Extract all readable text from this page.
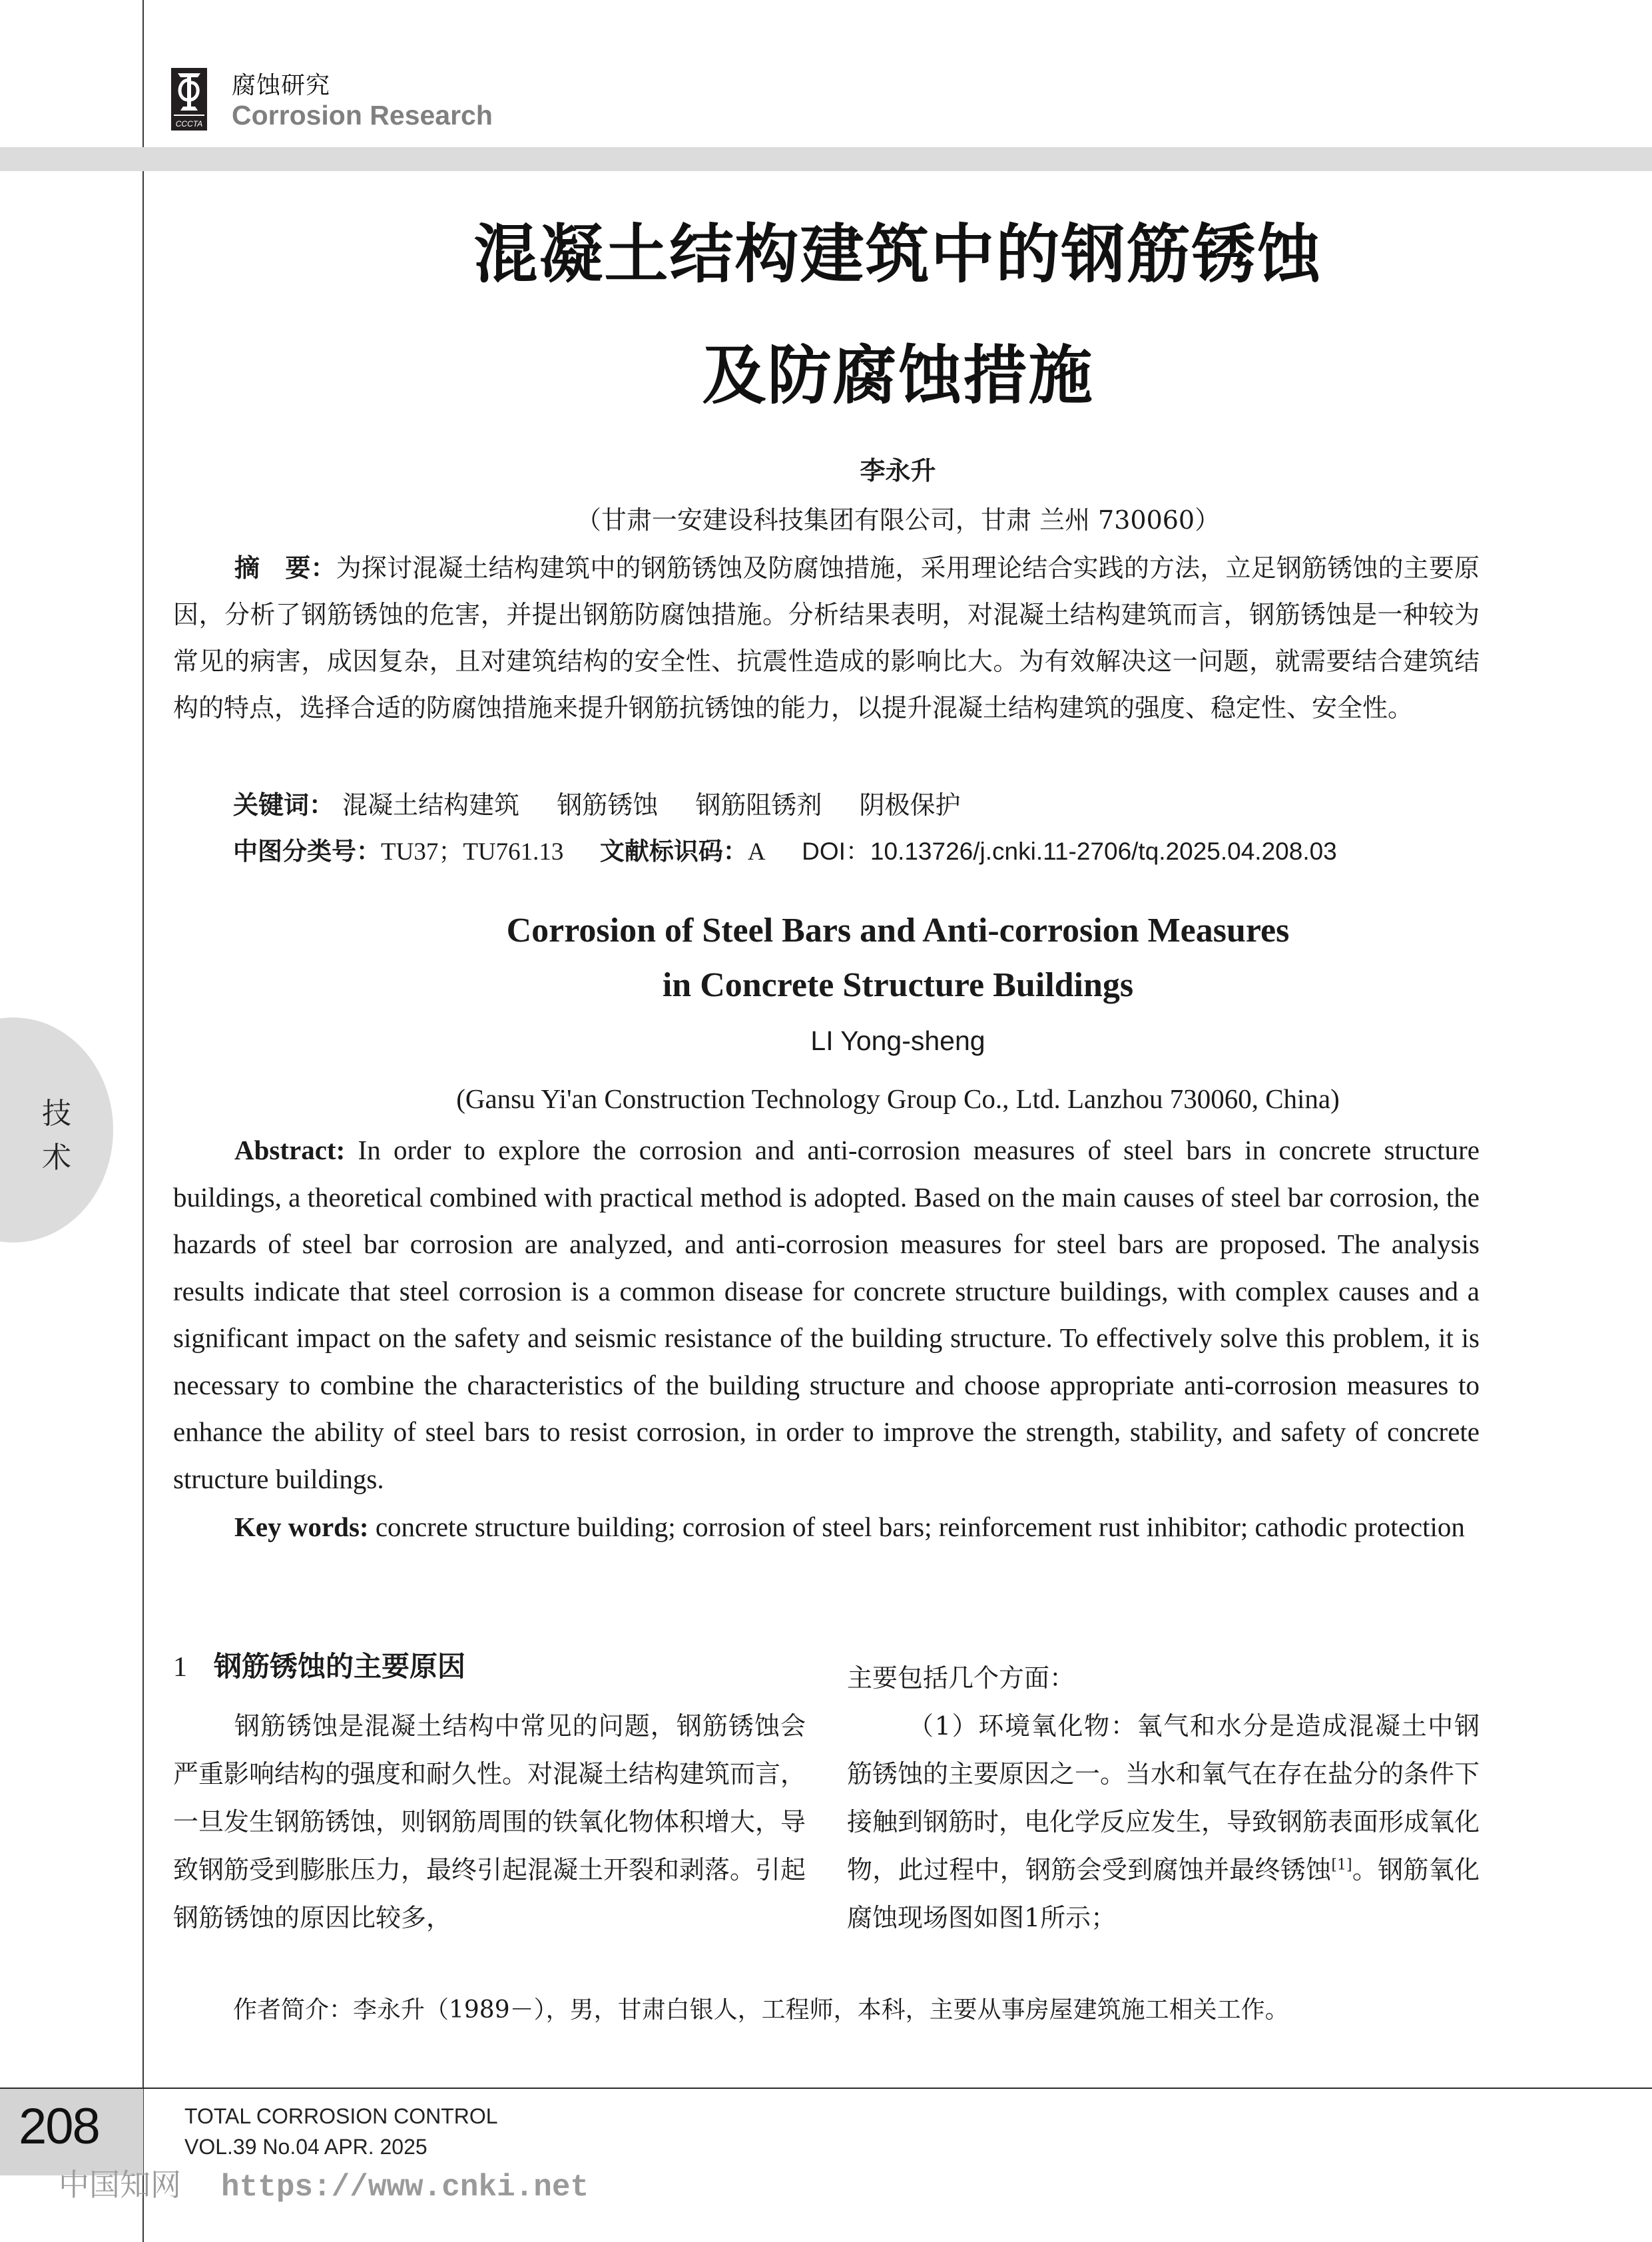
CCCTA
腐蚀研究
Corrosion Research
技
术
混凝土结构建筑中的钢筋锈蚀
及防腐蚀措施
李永升
（甘肃一安建设科技集团有限公司，甘肃 兰州 730060）
摘　要：为探讨混凝土结构建筑中的钢筋锈蚀及防腐蚀措施，采用理论结合实践的方法，立足钢筋锈蚀的主要原因，分析了钢筋锈蚀的危害，并提出钢筋防腐蚀措施。分析结果表明，对混凝土结构建筑而言，钢筋锈蚀是一种较为常见的病害，成因复杂，且对建筑结构的安全性、抗震性造成的影响比大。为有效解决这一问题，就需要结合建筑结构的特点，选择合适的防腐蚀措施来提升钢筋抗锈蚀的能力，以提升混凝土结构建筑的强度、稳定性、安全性。
关键词： 混凝土结构建筑 钢筋锈蚀 钢筋阻锈剂 阴极保护
中图分类号：TU37；TU761.13 文献标识码：A DOI：10.13726/j.cnki.11-2706/tq.2025.04.208.03
Corrosion of Steel Bars and Anti-corrosion Measures
in Concrete Structure Buildings
LI Yong-sheng
(Gansu Yi'an Construction Technology Group Co., Ltd. Lanzhou 730060, China)
Abstract: In order to explore the corrosion and anti-corrosion measures of steel bars in concrete structure buildings, a theoretical combined with practical method is adopted. Based on the main causes of steel bar corrosion, the hazards of steel bar corrosion are analyzed, and anti-corrosion measures for steel bars are proposed. The analysis results indicate that steel corrosion is a common disease for concrete structure buildings, with complex causes and a significant impact on the safety and seismic resistance of the building structure. To effectively solve this problem, it is necessary to combine the characteristics of the building structure and choose appropriate anti-corrosion measures to enhance the ability of steel bars to resist corrosion, in order to improve the strength, stability, and safety of concrete structure buildings.
Key words: concrete structure building; corrosion of steel bars; reinforcement rust inhibitor; cathodic protection
1 钢筋锈蚀的主要原因
钢筋锈蚀是混凝土结构中常见的问题，钢筋锈蚀会严重影响结构的强度和耐久性。对混凝土结构建筑而言，一旦发生钢筋锈蚀，则钢筋周围的铁氧化物体积增大，导致钢筋受到膨胀压力，最终引起混凝土开裂和剥落。引起钢筋锈蚀的原因比较多，
主要包括几个方面：
（1）环境氧化物：氧气和水分是造成混凝土中钢筋锈蚀的主要原因之一。当水和氧气在存在盐分的条件下接触到钢筋时，电化学反应发生，导致钢筋表面形成氧化物，此过程中，钢筋会受到腐蚀并最终锈蚀[1]。钢筋氧化腐蚀现场图如图1所示；
作者简介：李永升（1989－），男，甘肃白银人，工程师，本科，主要从事房屋建筑施工相关工作。
208	TOTAL CORROSION CONTROL
VOL.39 No.04 APR. 2025
中国知网 https://www.cnki.net
